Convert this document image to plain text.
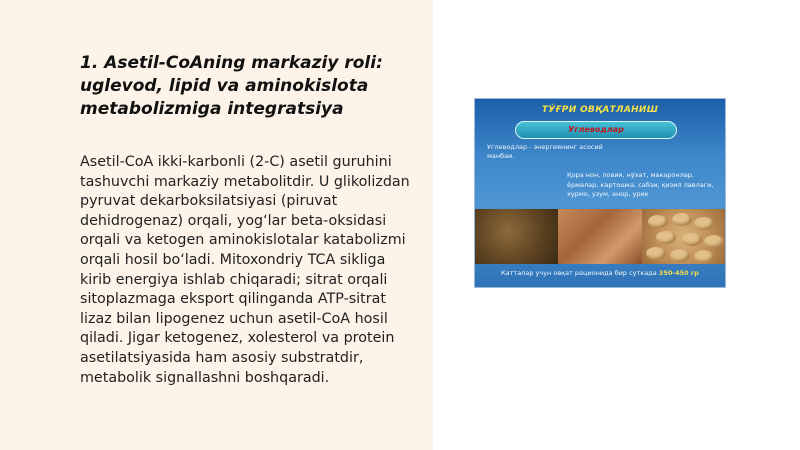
1. Asetil-CoAning markaziy roli: uglevod, lipid va aminokislota metabolizmiga integratsiya

Asetil-CoA ikki-karbonli (2-C) asetil guruhini tashuvchi markaziy metabolitdir. U glikolizdan pyruvat dekarboksilatsiyasi (piruvat dehidrogenaz) orqali, yog‘lar beta-oksidasi orqali va ketogen aminokislotalar katabolizmi orqali hosil bo‘ladi. Mitoxondriy TCA sikliga kirib energiya ishlab chiqaradi; sitrat orqali sitoplazmaga eksport qilinganda ATP-sitrat lizaz bilan lipogenez uchun asetil-CoA hosil qiladi. Jigar ketogenez, xolesterol va protein asetilatsiyasida ham asosiy substratdir, metabolik signallashni boshqaradi.

ТЎҒРИ ОВҚАТЛАНИШ
Углеводлар
Углеводлар - энергиянинг асосий манбаи.
Қора нон, ловия, нўхат, макаронлар, ёрмалар, картошка, сабзи, қизил лавлаги, хурмо, узум, анор, урик
Катталар учун овқат рационида бир суткада 350-450 гр
